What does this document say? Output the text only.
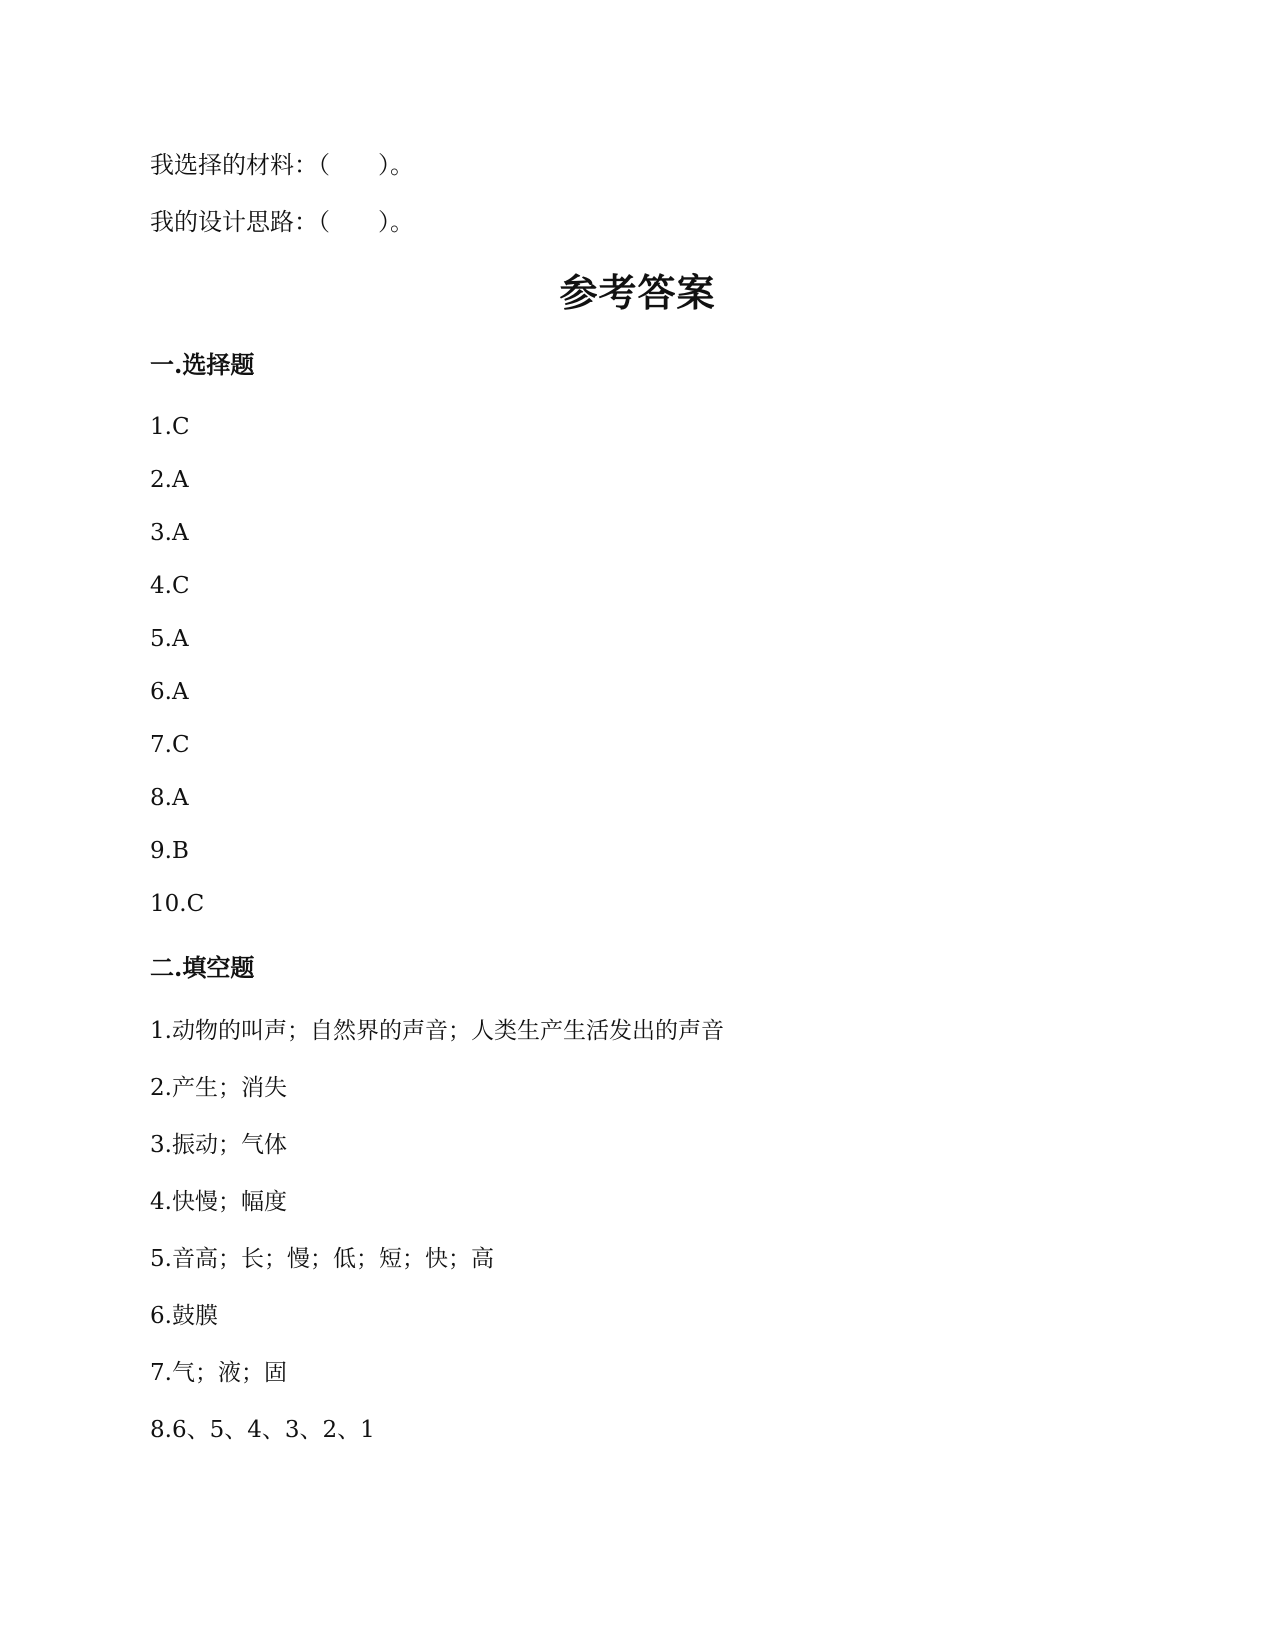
我选择的材料：（　　）。
我的设计思路：（　　）。
参考答案
一.选择题
1.C
2.A
3.A
4.C
5.A
6.A
7.C
8.A
9.B
10.C
二.填空题
1.动物的叫声；自然界的声音；人类生产生活发出的声音
2.产生；消失
3.振动；气体
4.快慢；幅度
5.音高；长；慢；低；短；快；高
6.鼓膜
7.气；液；固
8.6、5、4、3、2、1
